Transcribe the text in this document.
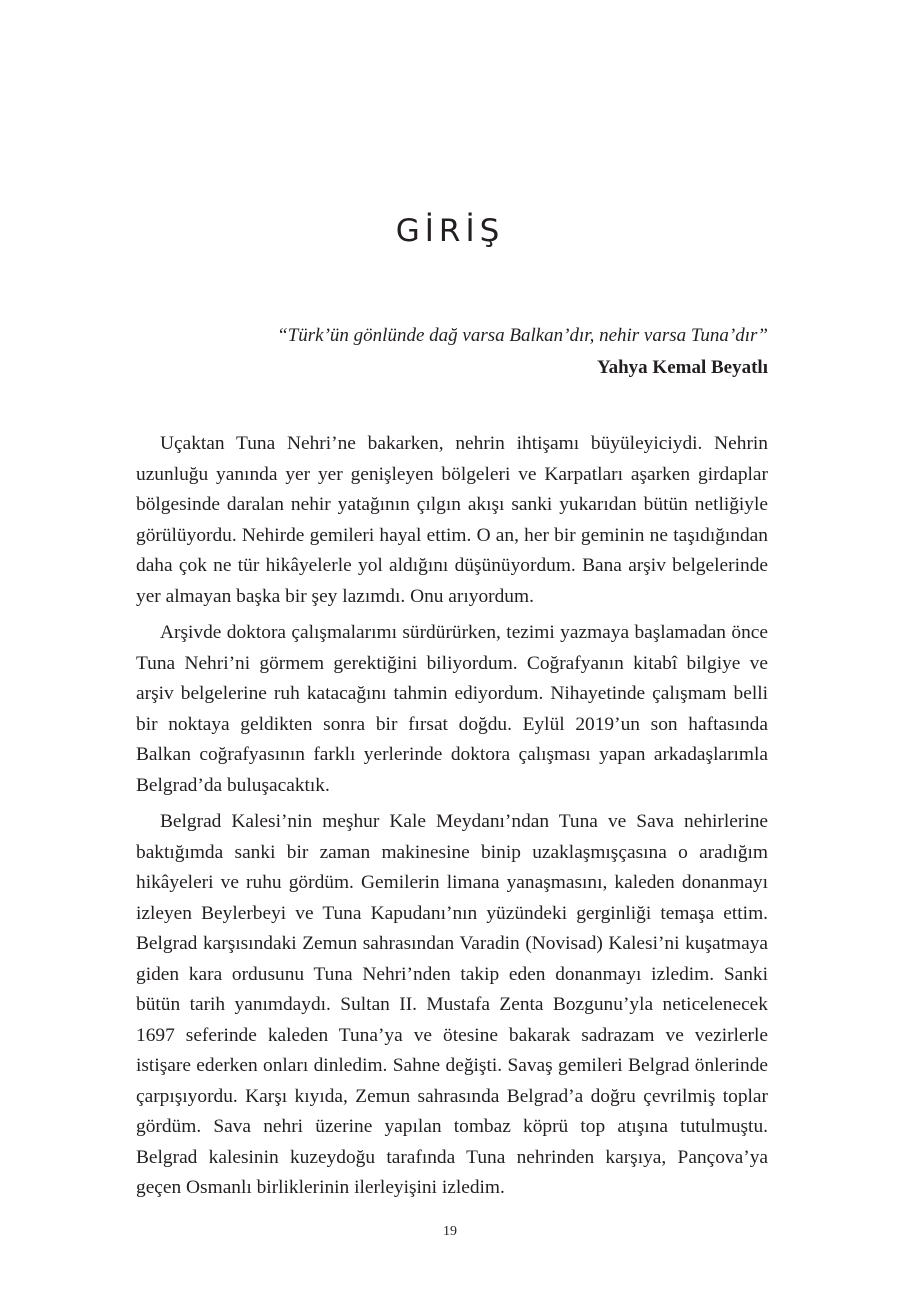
GİRİŞ

“Türk’ün gönlünde dağ varsa Balkan’dır, nehir varsa Tuna’dır”

Yahya Kemal Beyatlı

Uçaktan Tuna Nehri’ne bakarken, nehrin ihtişamı büyüleyiciydi. Nehrin uzunluğu yanında yer yer genişleyen bölgeleri ve Karpatları aşarken girdaplar bölgesinde daralan nehir yatağının çılgın akışı sanki yukarıdan bütün netliğiyle görülüyordu. Nehirde gemileri hayal ettim. O an, her bir geminin ne taşıdığından daha çok ne tür hikâyelerle yol aldığını düşünüyordum. Bana arşiv belgelerinde yer almayan başka bir şey lazımdı. Onu arıyordum.

Arşivde doktora çalışmalarımı sürdürürken, tezimi yazmaya başlamadan önce Tuna Nehri’ni görmem gerektiğini biliyordum. Coğrafyanın kitabî bilgiye ve arşiv belgelerine ruh katacağını tahmin ediyordum. Nihayetinde çalışmam belli bir noktaya geldikten sonra bir fırsat doğdu. Eylül 2019’un son haftasında Balkan coğrafyasının farklı yerlerinde doktora çalışması yapan arkadaşlarımla Belgrad’da buluşacaktık.

Belgrad Kalesi’nin meşhur Kale Meydanı’ndan Tuna ve Sava nehirlerine baktığımda sanki bir zaman makinesine binip uzaklaşmışçasına o aradığım hikâyeleri ve ruhu gördüm. Gemilerin limana yanaşmasını, kaleden donanmayı izleyen Beylerbeyi ve Tuna Kapudanı’nın yüzündeki gerginliği temaşa ettim. Belgrad karşısındaki Zemun sahrasından Varadin (Novisad) Kalesi’ni kuşatmaya giden kara ordusunu Tuna Nehri’nden takip eden donanmayı izledim. Sanki bütün tarih yanımdaydı. Sultan II. Mustafa Zenta Bozgunu’yla neticelenecek 1697 seferinde kaleden Tuna’ya ve ötesine bakarak sadrazam ve vezirlerle istişare ederken onları dinledim. Sahne değişti. Savaş gemileri Belgrad önlerinde çarpışıyordu. Karşı kıyıda, Zemun sahrasında Belgrad’a doğru çevrilmiş toplar gördüm. Sava nehri üzerine yapılan tombaz köprü top atışına tutulmuştu. Belgrad kalesinin kuzeydoğu tarafında Tuna nehrinden karşıya, Pançova’ya geçen Osmanlı birliklerinin ilerleyişini izledim.

19
